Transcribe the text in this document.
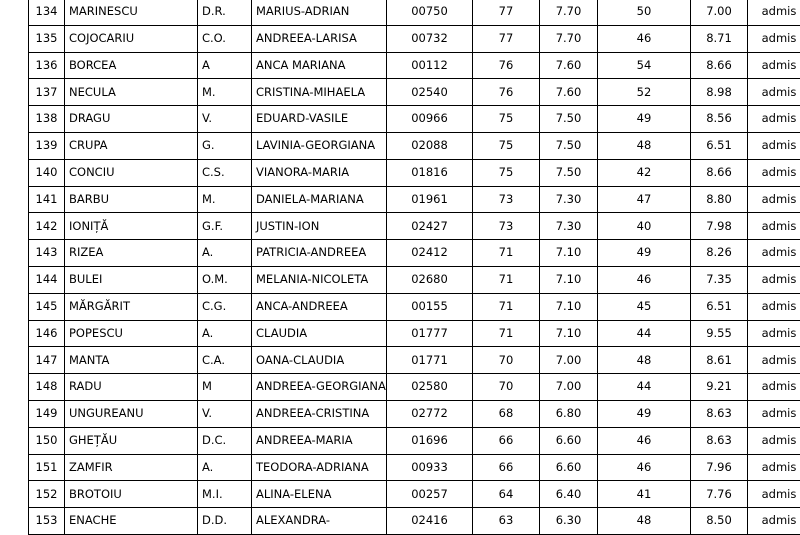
134	MARINESCU	D.R.	MARIUS-ADRIAN	00750	77	7.70	50	7.00	admis
135	COJOCARIU	C.O.	ANDREEA-LARISA	00732	77	7.70	46	8.71	admis
136	BORCEA	A	ANCA MARIANA	00112	76	7.60	54	8.66	admis
137	NECULA	M.	CRISTINA-MIHAELA	02540	76	7.60	52	8.98	admis
138	DRAGU	V.	EDUARD-VASILE	00966	75	7.50	49	8.56	admis
139	CRUPA	G.	LAVINIA-GEORGIANA	02088	75	7.50	48	6.51	admis
140	CONCIU	C.S.	VIANORA-MARIA	01816	75	7.50	42	8.66	admis
141	BARBU	M.	DANIELA-MARIANA	01961	73	7.30	47	8.80	admis
142	IONIȚĂ	G.F.	JUSTIN-ION	02427	73	7.30	40	7.98	admis
143	RIZEA	A.	PATRICIA-ANDREEA	02412	71	7.10	49	8.26	admis
144	BULEI	O.M.	MELANIA-NICOLETA	02680	71	7.10	46	7.35	admis
145	MĂRGĂRIT	C.G.	ANCA-ANDREEA	00155	71	7.10	45	6.51	admis
146	POPESCU	A.	CLAUDIA	01777	71	7.10	44	9.55	admis
147	MANTA	C.A.	OANA-CLAUDIA	01771	70	7.00	48	8.61	admis
148	RADU	M	ANDREEA-GEORGIANA	02580	70	7.00	44	9.21	admis
149	UNGUREANU	V.	ANDREEA-CRISTINA	02772	68	6.80	49	8.63	admis
150	GHEȚĂU	D.C.	ANDREEA-MARIA	01696	66	6.60	46	8.63	admis
151	ZAMFIR	A.	TEODORA-ADRIANA	00933	66	6.60	46	7.96	admis
152	BROTOIU	M.I.	ALINA-ELENA	00257	64	6.40	41	7.76	admis
153	ENACHE	D.D.	ALEXANDRA-	02416	63	6.30	48	8.50	admis
